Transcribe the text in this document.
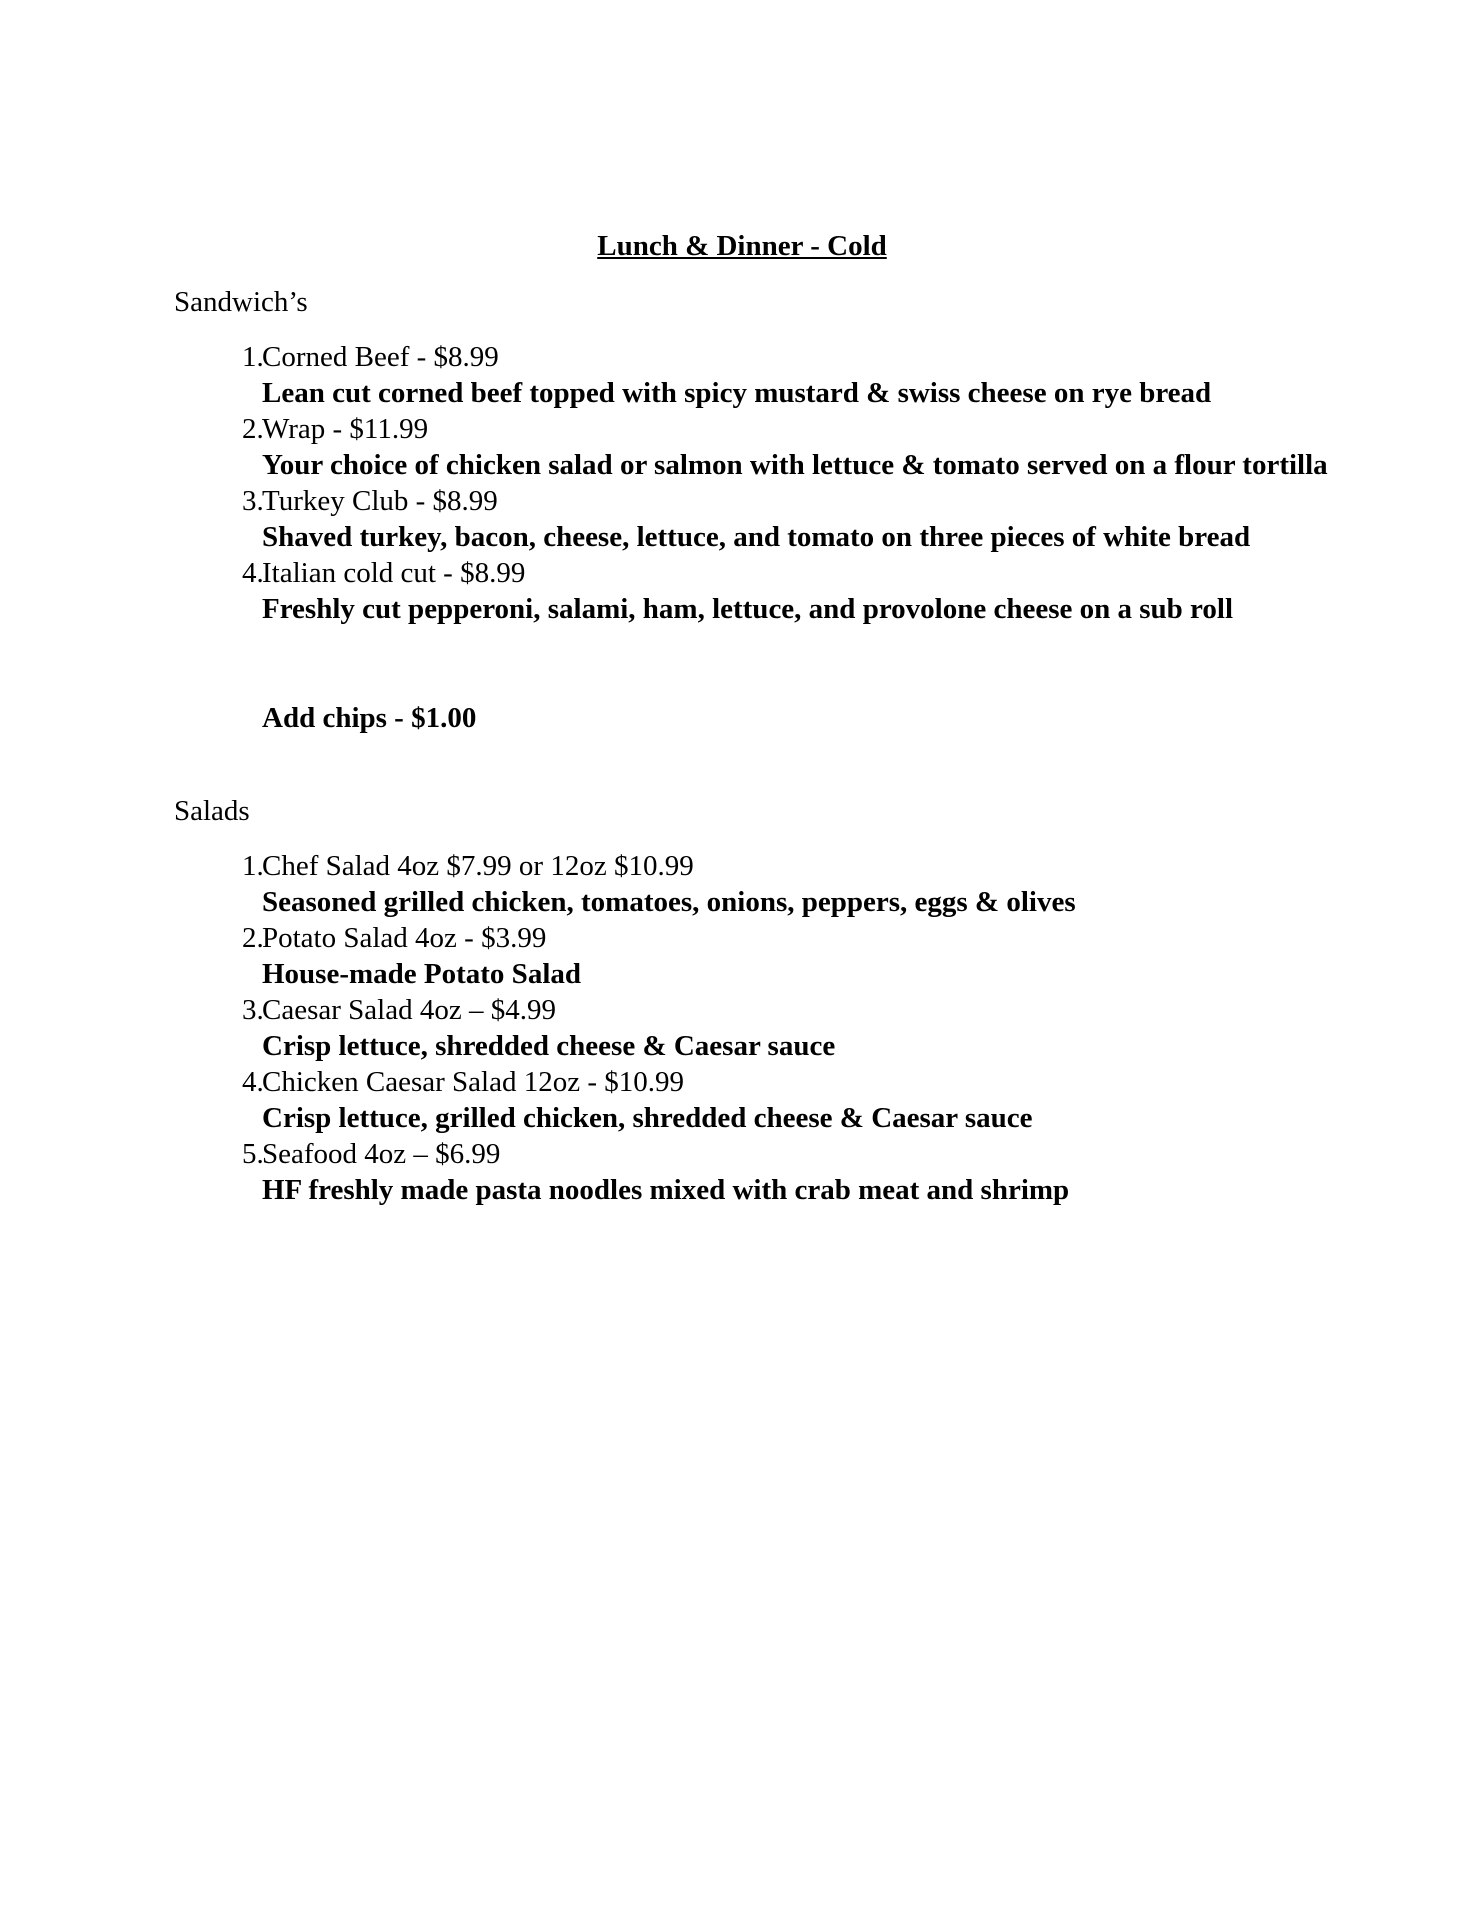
Lunch & Dinner - Cold

Sandwich’s

1.
Corned Beef - $8.99
Lean cut corned beef topped with spicy mustard & swiss cheese on rye bread
2.
Wrap - $11.99
Your choice of chicken salad or salmon with lettuce & tomato served on a flour tortilla
3.
Turkey Club - $8.99
Shaved turkey, bacon, cheese, lettuce, and tomato on three pieces of white bread
4.
Italian cold cut - $8.99
Freshly cut pepperoni, salami, ham, lettuce, and provolone cheese on a sub roll

Add chips - $1.00

Salads

1.
Chef Salad 4oz $7.99 or 12oz $10.99
Seasoned grilled chicken, tomatoes, onions, peppers, eggs & olives
2.
Potato Salad 4oz - $3.99
House-made Potato Salad
3.
Caesar Salad 4oz – $4.99
Crisp lettuce, shredded cheese & Caesar sauce
4.
Chicken Caesar Salad 12oz - $10.99
Crisp lettuce, grilled chicken, shredded cheese & Caesar sauce
5.
Seafood 4oz – $6.99
HF freshly made pasta noodles mixed with crab meat and shrimp
